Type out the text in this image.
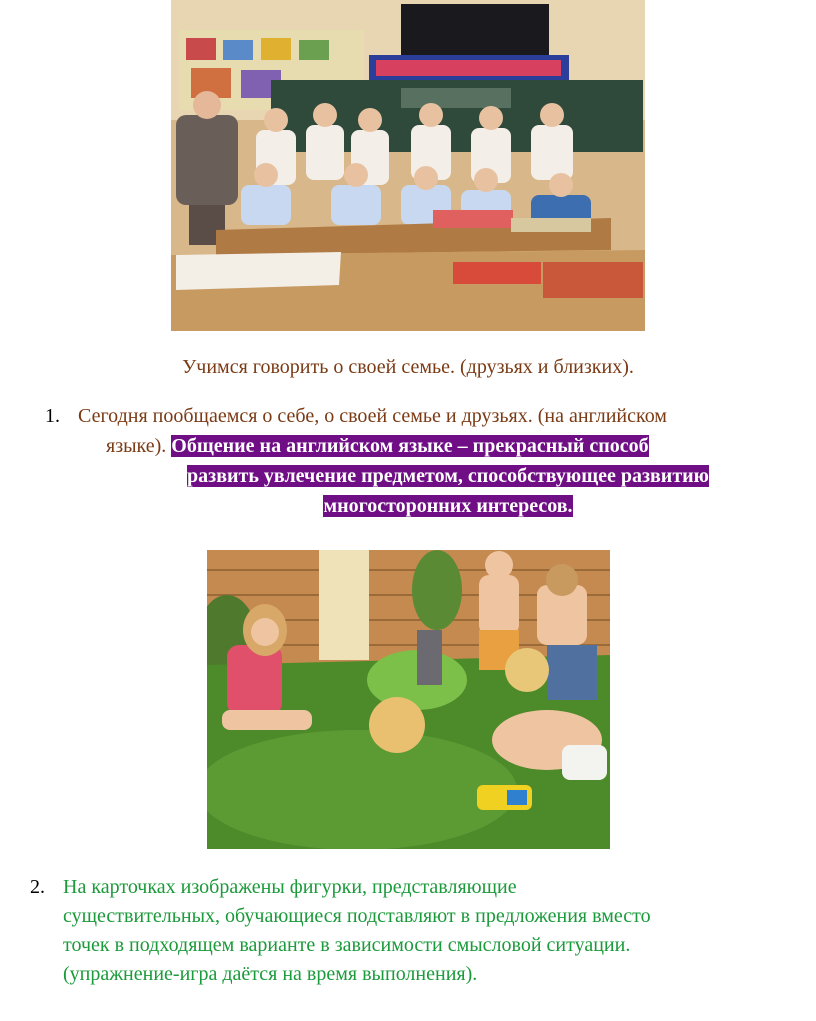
Учимся говорить о своей семье. (друзьях и близких).
1. Сегодня пообщаемся о себе, о своей семье и друзьях. (на английском
языке). Общение на английском языке – прекрасный способ
развить увлечение предметом, способствующее развитию
многосторонних интересов.
2. На карточках изображены фигурки, представляющие
существительных, обучающиеся подставляют в предложения вместо
точек в подходящем варианте в зависимости смысловой ситуации.
(упражнение-игра даётся на время выполнения).
